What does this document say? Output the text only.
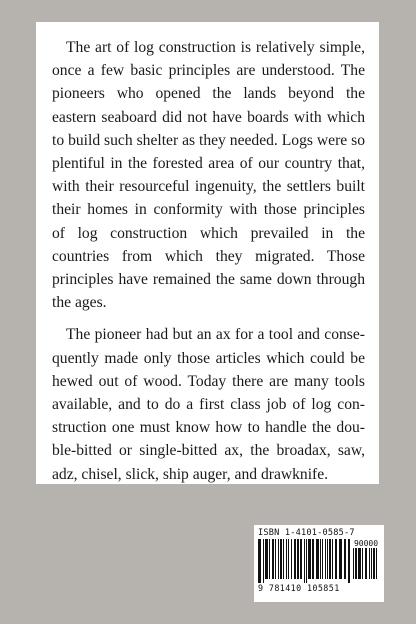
The art of log construction is relatively simple, once a few basic principles are understood. The pioneers who opened the lands beyond the eastern seaboard did not have boards with which to build such shelter as they needed. Logs were so plentiful in the forested area of our country that, with their resourceful ingenuity, the settlers built their homes in conformity with those principles of log construction which prevailed in the countries from which they migrated. Those principles have remained the same down through the ages.

The pioneer had but an ax for a tool and consequently made only those articles which could be hewed out of wood. Today there are many tools available, and to do a first class job of log construction one must know how to handle the double-bitted or single-bitted ax, the broadax, saw, adz, chisel, slick, ship auger, and drawknife.

ISBN 1-4101-0585-7
90000
9 781410 105851
